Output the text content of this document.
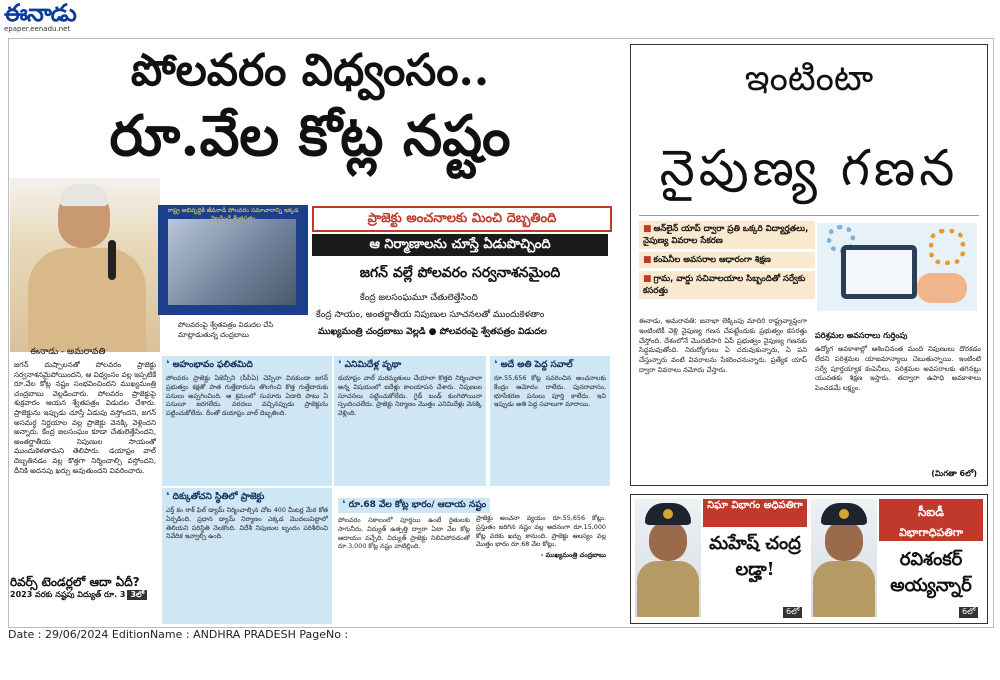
ఈనాడు
epaper.eenadu.net
పోలవరం విధ్వంసం..
రూ.వేల కోట్ల నష్టం
రాష్ట్ర అభివృద్ధికి జీవనాడి పోలవరం సమాచారాన్ని ఇక్కడ
పోలవరంపై శ్వేతపత్రం విడుదల చేసి మాట్లాడుతున్న చంద్రబాబు
ప్రాజెక్టు అంచనాలకు మించి దెబ్బతింది
ఆ నిర్మాణాలను చూస్తే ఏడుపొచ్చింది
జగన్ వల్లే పోలవరం సర్వనాశనమైంది
కేంద్ర జలసంఘమూ చేతులెత్తేసింది
కేంద్ర సాయం, అంతర్జాతీయ నిపుణుల సూచనలతో ముందుకెళతాం
ముఖ్యమంత్రి చంద్రబాబు వెల్లడి ● పోలవరంపై శ్వేతపత్రం విడుదల
ఈనాడు - అమరావతి
జగన్ దుష్పాలనతో పోలవరం ప్రాజెక్టు సర్వనాశనమైపోయిందని, ఆ విధ్వంసం వల్ల ఇప్పటికే రూ.వేల కోట్ల నష్టం సంభవించిందని ముఖ్యమంత్రి చంద్రబాబు వెల్లడించారు. పోలవరం ప్రాజెక్టుపై శుక్రవారం ఆయన శ్వేతపత్రం విడుదల చేశారు. ప్రాజెక్టును ఇప్పుడు చూస్తే ఏడుపు వస్తోందని, జగన్ అసమర్థ నిర్ణయాల వల్ల ప్రాజెక్టు వెనక్కి వెళ్లిందని అన్నారు. కేంద్ర జలసంఘం కూడా చేతులెత్తేసిందని, అంతర్జాతీయ నిపుణుల సాయంతో ముందుకెళతామని తెలిపారు. డయాఫ్రం వాల్ దెబ్బతినడం వల్ల కొత్తగా నిర్మించాల్సి వస్తోందని, దీనికి అదనపు ఖర్చు అవుతుందని వివరించారు.
రివర్స్ టెండర్లలో ఆదా ఏదీ?
2023 వరకు నష్టపు విద్యుత్ రూ. 3 3లో
❛ అహంభావం ఫలితమిది
పోలవరం ప్రాజెక్టు ఏజెన్సీని (పీపీఏ) చెప్పినా వినకుండా జగన్ ప్రభుత్వం కక్షతో పాత గుత్తేదారును తొలగించి కొత్త గుత్తేదారుకు పనులు అప్పగించింది. ఆ క్రమంలో సుమారు ఏడాది పాటు ఏ పనులూ జరగలేదు. వరదలు వచ్చినప్పుడు ప్రాజెక్టును పట్టించుకోలేదు. దీంతో డయాఫ్రం వాల్ దెబ్బతింది.
❛ ఎనిమిదేళ్ల వృథా
డయాఫ్రం వాల్ మరమ్మతులు చేయాలా కొత్తది నిర్మించాలా అన్న విషయంలో ఐదేళ్లు కాలయాపన చేశారు. నిపుణుల సూచనలు పట్టించుకోలేదు. గైడ్ బండ్ కుంగిపోయినా స్పందించలేదు. ప్రాజెక్టు నిర్మాణం మొత్తం ఎనిమిదేళ్లు వెనక్కి వెళ్లింది.
❛ అదే అతి పెద్ద సవాల్
రూ.55,656 కోట్ల సవరించిన అంచనాలకు కేంద్రం ఆమోదం రాలేదు. పునరావాసం, భూసేకరణ పనులు పూర్తి కాలేదు. ఇవి ఇప్పుడు అతి పెద్ద సవాలుగా మారాయి.
❛ దిక్కుతోచని స్థితిలో ప్రాజెక్టు
ఎర్త్ కం రాక్ ఫిల్ డ్యామ్ నిర్మించాల్సిన చోట 400 మీటర్ల మేర కోత ఏర్పడింది. ప్రధాన డ్యామ్ నిర్మాణం ఎక్కడ మొదలుపెట్టాలో తెలియని పరిస్థితి నెలకొంది. విదేశీ నిపుణుల బృందం పరిశీలించి నివేదిక ఇవ్వాల్సి ఉంది.
❛ రూ.68 వేల కోట్ల భారం/ ఆదాయ నష్టం
పోలవరం సకాలంలో పూర్తయి ఉంటే రైతులకు సాగునీరు, విద్యుత్ ఉత్పత్తి ద్వారా ఏటా వేల కోట్ల ఆదాయం వచ్చేది. విద్యుత్ ప్రాజెక్టు నిలిచిపోవడంతో రూ.3,000 కోట్ల నష్టం వాటిల్లింది.
ప్రాజెక్టు అంచనా వ్యయం రూ.55,656 కోట్లు. ప్రస్తుతం జరిగిన నష్టం వల్ల అదనంగా రూ.15,000 కోట్ల వరకు ఖర్చు కానుంది. ప్రాజెక్టు ఆలస్యం వల్ల మొత్తం భారం రూ.68 వేల కోట్లు.
- ముఖ్యమంత్రి చంద్రబాబు
ఇంటింటా
నైపుణ్య గణన
■ ఆన్‌లైన్ యాప్ ద్వారా ప్రతి ఒక్కరి విద్యార్హతలు, నైపుణ్య వివరాల సేకరణ
■ కంపెనీల అవసరాల ఆధారంగా శిక్షణ
■ గ్రామ, వార్డు సచివాలయాల సిబ్బందితో సర్వేకు కసరత్తు
ఈనాడు, అమరావతి: జనాభా లెక్కింపు మాదిరి రాష్ట్రవ్యాప్తంగా ఇంటింటికీ వెళ్లి నైపుణ్య గణన చేపట్టేందుకు ప్రభుత్వం కసరత్తు చేస్తోంది. దేశంలోనే మొదటిసారి ఏపీ ప్రభుత్వం నైపుణ్య గణనకు సిద్ధమవుతోంది. నిరుద్యోగులు ఏ చదువుకున్నారు, ఏ పని చేస్తున్నారు వంటి వివరాలను సేకరించనున్నారు. ప్రత్యేక యాప్ ద్వారా వివరాలు నమోదు చేస్తారు.
ఉద్యోగ అవకాశాల్లో ఆశించినంత మంది నిపుణులు దొరకడం లేదని పరిశ్రమల యాజమాన్యాలు చెబుతున్నాయి. ఇంటింటి సర్వే పూర్తయ్యాక కంపెనీలు, పరిశ్రమల అవసరాలకు తగినట్లు యువతకు శిక్షణ ఇస్తారు. తద్వారా ఉపాధి అవకాశాలు పెంచడమే లక్ష్యం.
పరిశ్రమల అవసరాలు గుర్తింపు
(మిగతా 6లో)
నిఘా విభాగం అధిపతిగా
మహేష్ చంద్ర లడ్హా!
6లో
సీఐడీ
విభాగాధిపతిగా
రవిశంకర్ అయ్యన్నార్
6లో
Date : 29/06/2024 EditionName : ANDHRA PRADESH PageNo :
